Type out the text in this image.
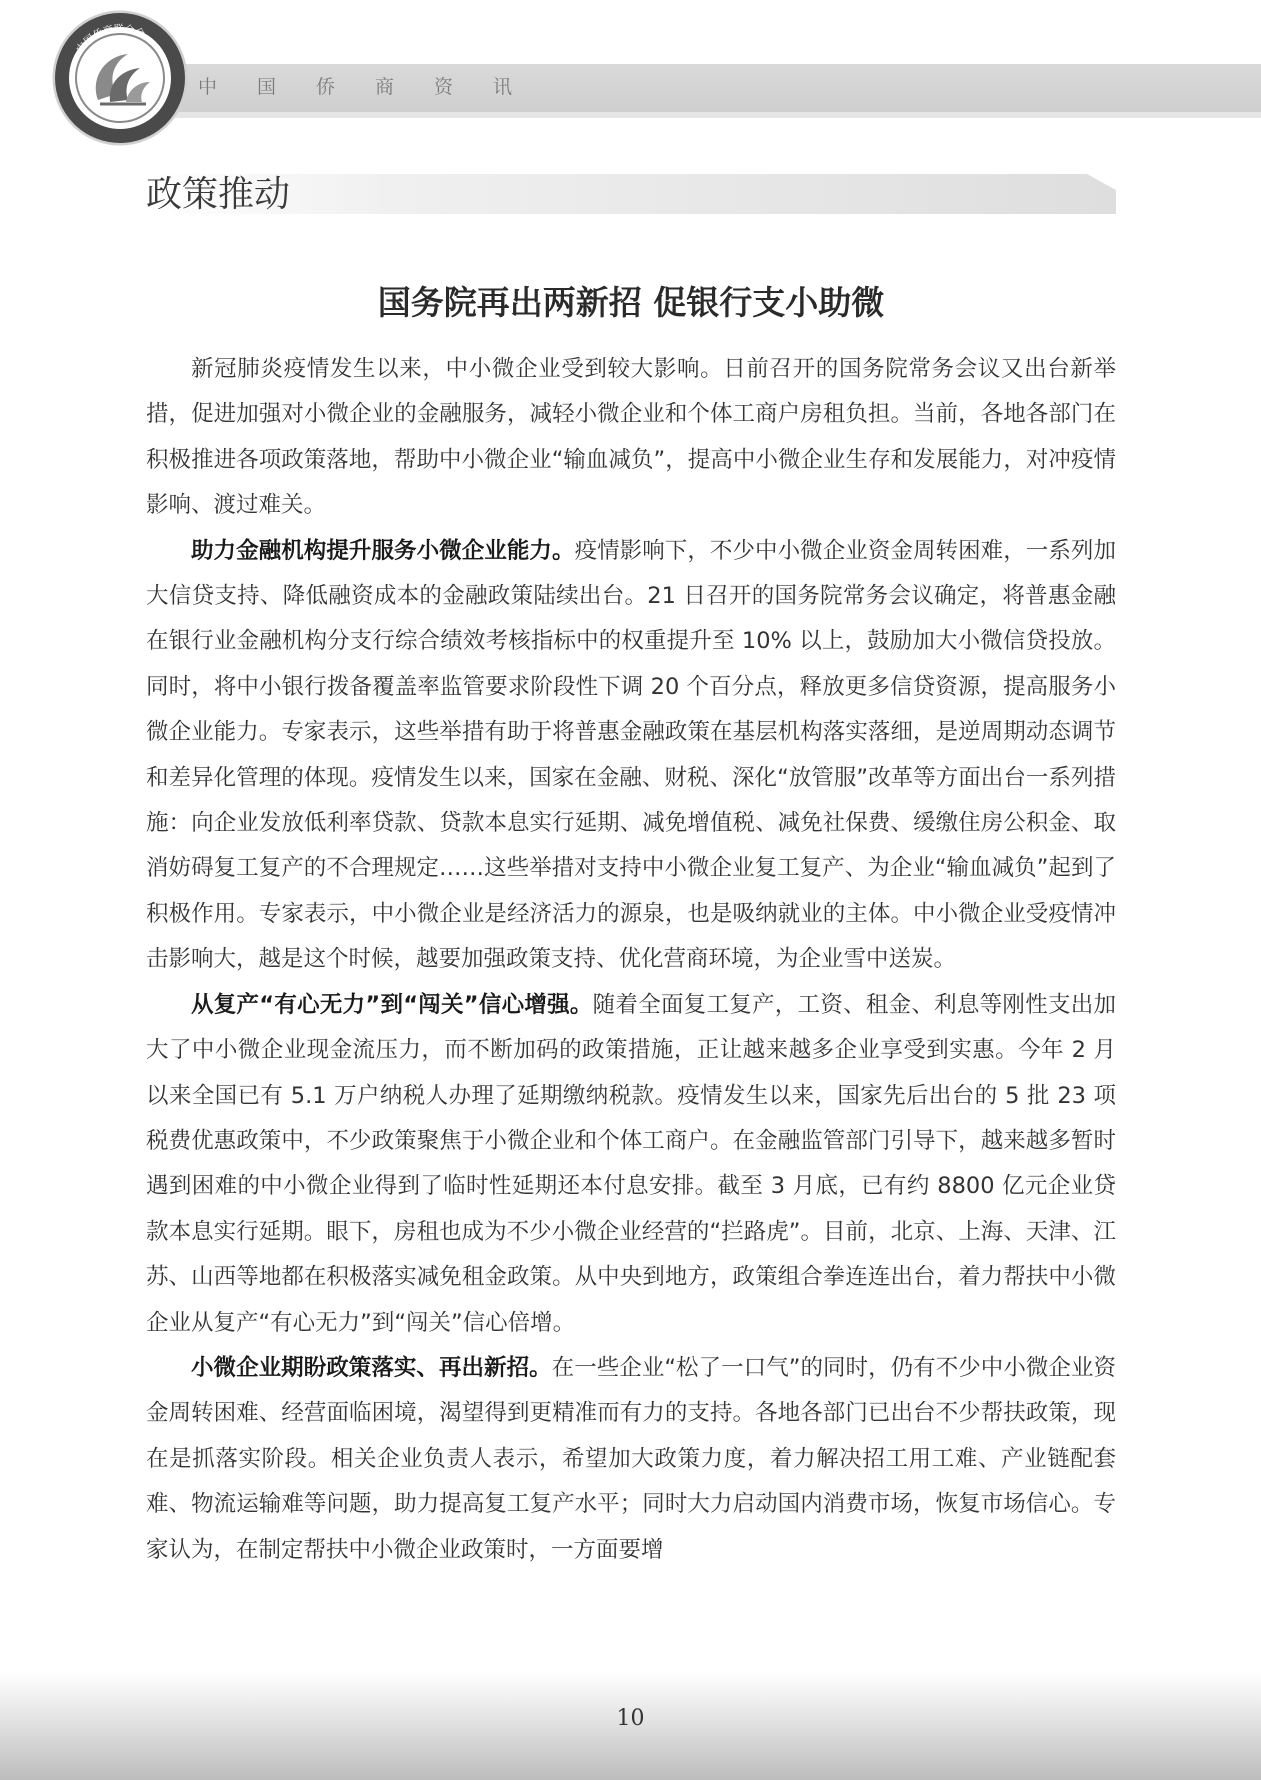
中国侨商联合会
中国侨商资讯
政策推动
国务院再出两新招 促银行支小助微

新冠肺炎疫情发生以来，中小微企业受到较大影响。日前召开的国务院常务会议又出台新举措，促进加强对小微企业的金融服务，减轻小微企业和个体工商户房租负担。当前，各地各部门在积极推进各项政策落地，帮助中小微企业“输血减负”，提高中小微企业生存和发展能力，对冲疫情影响、渡过难关。

助力金融机构提升服务小微企业能力。疫情影响下，不少中小微企业资金周转困难，一系列加大信贷支持、降低融资成本的金融政策陆续出台。21 日召开的国务院常务会议确定，将普惠金融在银行业金融机构分支行综合绩效考核指标中的权重提升至 10% 以上，鼓励加大小微信贷投放。同时，将中小银行拨备覆盖率监管要求阶段性下调 20 个百分点，释放更多信贷资源，提高服务小微企业能力。专家表示，这些举措有助于将普惠金融政策在基层机构落实落细，是逆周期动态调节和差异化管理的体现。疫情发生以来，国家在金融、财税、深化“放管服”改革等方面出台一系列措施：向企业发放低利率贷款、贷款本息实行延期、减免增值税、减免社保费、缓缴住房公积金、取消妨碍复工复产的不合理规定……这些举措对支持中小微企业复工复产、为企业“输血减负”起到了积极作用。专家表示，中小微企业是经济活力的源泉，也是吸纳就业的主体。中小微企业受疫情冲击影响大，越是这个时候，越要加强政策支持、优化营商环境，为企业雪中送炭。

从复产“有心无力”到“闯关”信心增强。随着全面复工复产，工资、租金、利息等刚性支出加大了中小微企业现金流压力，而不断加码的政策措施，正让越来越多企业享受到实惠。今年 2 月以来全国已有 5.1 万户纳税人办理了延期缴纳税款。疫情发生以来，国家先后出台的 5 批 23 项税费优惠政策中，不少政策聚焦于小微企业和个体工商户。在金融监管部门引导下，越来越多暂时遇到困难的中小微企业得到了临时性延期还本付息安排。截至 3 月底，已有约 8800 亿元企业贷款本息实行延期。眼下，房租也成为不少小微企业经营的“拦路虎”。目前，北京、上海、天津、江苏、山西等地都在积极落实减免租金政策。从中央到地方，政策组合拳连连出台，着力帮扶中小微企业从复产“有心无力”到“闯关”信心倍增。

小微企业期盼政策落实、再出新招。在一些企业“松了一口气”的同时，仍有不少中小微企业资金周转困难、经营面临困境，渴望得到更精准而有力的支持。各地各部门已出台不少帮扶政策，现在是抓落实阶段。相关企业负责人表示，希望加大政策力度，着力解决招工用工难、产业链配套难、物流运输难等问题，助力提高复工复产水平；同时大力启动国内消费市场，恢复市场信心。专家认为，在制定帮扶中小微企业政策时，一方面要增

10
